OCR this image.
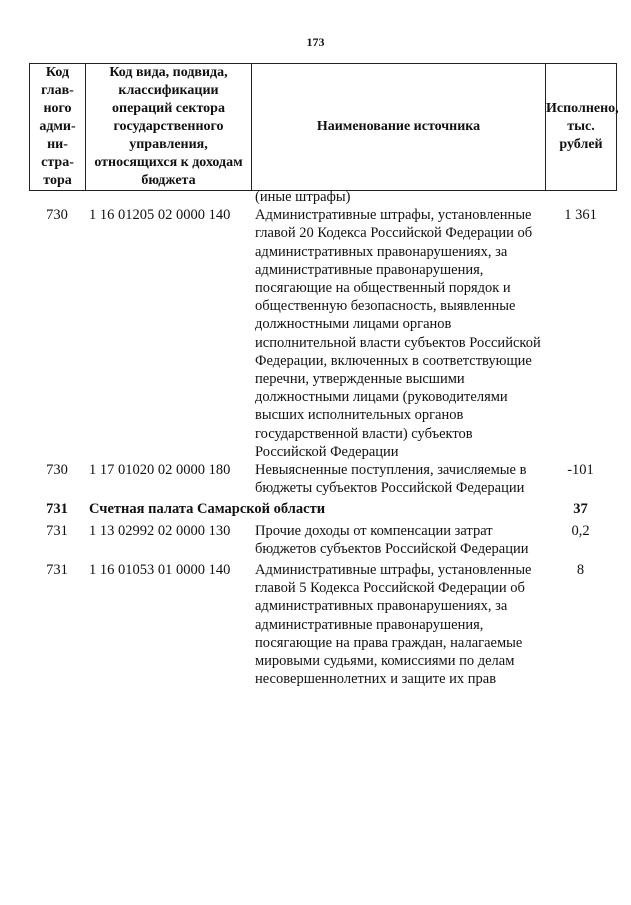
173
Код глав-ного адми-ни-стра-тора	Код вида, подвида, классификации операций сектора государственного управления, относящихся к доходам бюджета	Наименование источника	Исполнено, тыс. рублей
		(иные штрафы)	
730	1 16 01205 02 0000 140	Административные штрафы, установленные главой 20 Кодекса Российской Федерации об административных правонарушениях, за административные правонарушения, посягающие на общественный порядок и общественную безопасность, выявленные должностными лицами органов исполнительной власти субъектов Российской Федерации, включенных в соответствующие перечни, утвержденные высшими должностными лицами (руководителями высших исполнительных органов государственной власти) субъектов Российской Федерации	1 361
730	1 17 01020 02 0000 180	Невыясненные поступления, зачисляемые в бюджеты субъектов Российской Федерации	-101
731	Счетная палата Самарской области		37
731	1 13 02992 02 0000 130	Прочие доходы от компенсации затрат бюджетов субъектов Российской Федерации	0,2
731	1 16 01053 01 0000 140	Административные штрафы, установленные главой 5 Кодекса Российской Федерации об административных правонарушениях, за административные правонарушения, посягающие на права граждан, налагаемые мировыми судьями, комиссиями по делам несовершеннолетних и защите их прав	8
